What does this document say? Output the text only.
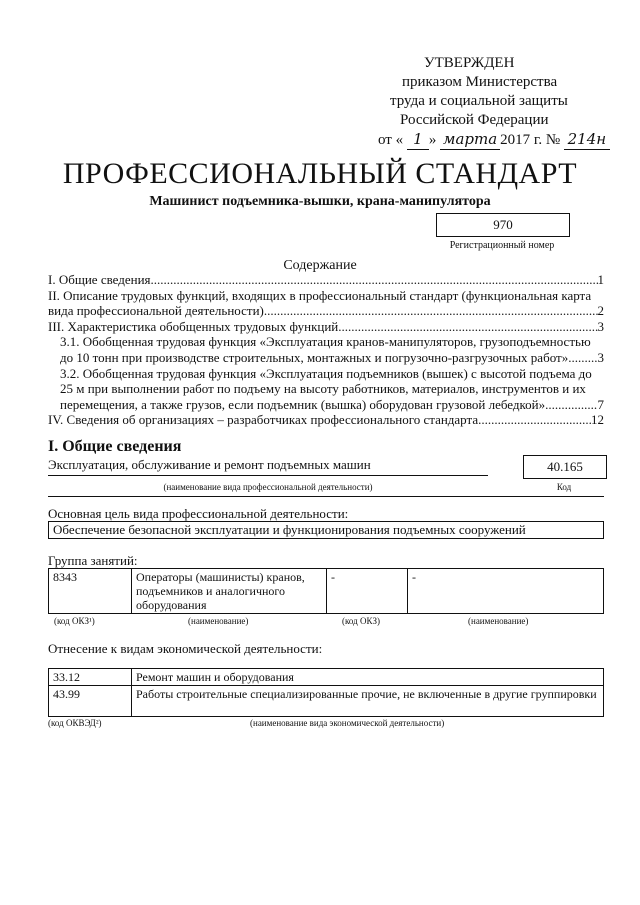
УТВЕРЖДЕН
приказом Министерства
труда и социальной защиты
Российской Федерации
от « 1 » марта 2017 г. № 214н
ПРОФЕССИОНАЛЬНЫЙ СТАНДАРТ
Машинист подъемника-вышки, крана-манипулятора
970
Регистрационный номер
Содержание
I. Общие сведения .....	1
II. Описание трудовых функций, входящих в профессиональный стандарт (функциональная карта
вида профессиональной деятельности) .....	2
III. Характеристика обобщенных трудовых функций .....	3
3.1. Обобщенная трудовая функция «Эксплуатация кранов-манипуляторов, грузоподъемностью
до 10 тонн при производстве строительных, монтажных и погрузочно-разгрузочных работ» ..... 3
3.2. Обобщенная трудовая функция «Эксплуатация подъемников (вышек) с высотой подъема до
25 м при выполнении работ по подъему на высоту работников, материалов, инструментов и их
перемещения, а также грузов, если подъемник (вышка) оборудован грузовой лебедкой» .....	7
IV. Сведения об организациях – разработчиках профессионального стандарта .....	12
I. Общие сведения
Эксплуатация, обслуживание и ремонт подъемных машин	40.165
(наименование вида профессиональной деятельности)	Код
Основная цель вида профессиональной деятельности:
Обеспечение безопасной эксплуатации и функционирования подъемных сооружений
Группа занятий:
8343	Операторы (машинисты) кранов, подъемников и аналогичного оборудования	-	-
(код ОКЗ¹)	(наименование)	(код ОКЗ)	(наименование)
Отнесение к видам экономической деятельности:
33.12	Ремонт машин и оборудования
43.99	Работы строительные специализированные прочие, не включенные в другие группировки
(код ОКВЭД²)	(наименование вида экономической деятельности)
